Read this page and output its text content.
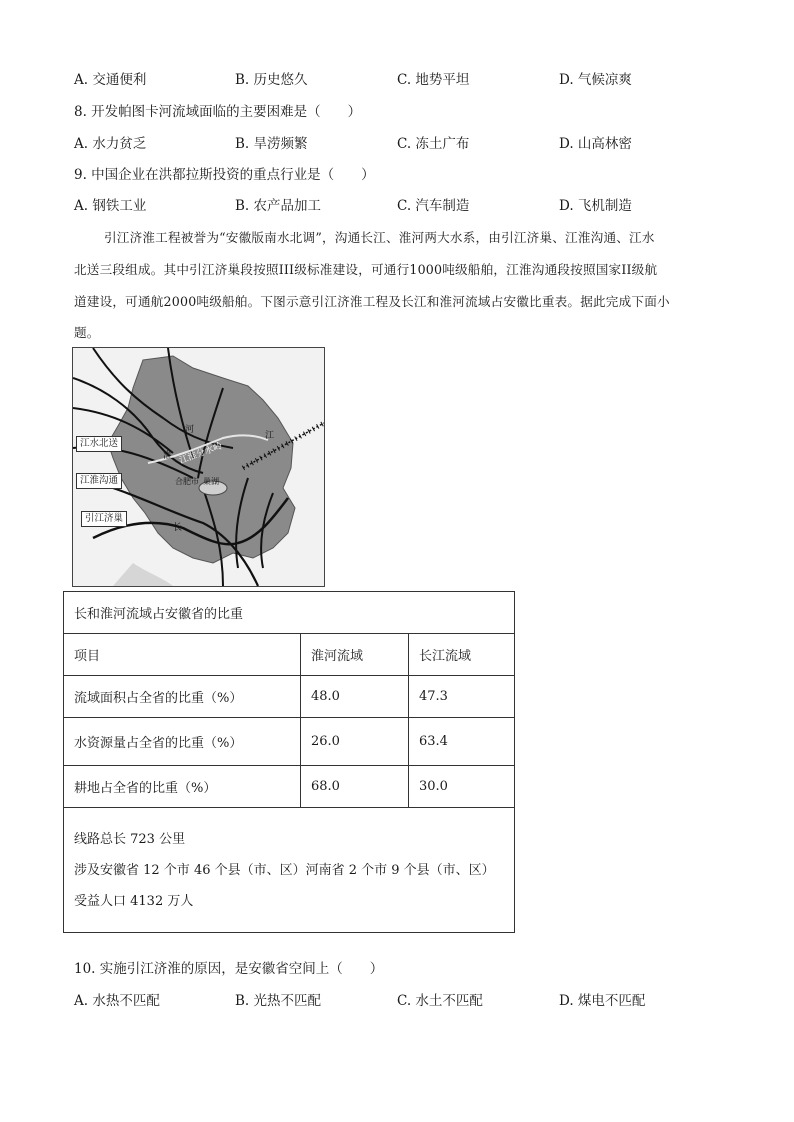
A. 交通便利	B. 历史悠久	C. 地势平坦	D. 气候凉爽
8. 开发帕图卡河流域面临的主要困难是（　　）
A. 水力贫乏	B. 旱涝频繁	C. 冻土广布	D. 山高林密
9. 中国企业在洪都拉斯投资的重点行业是（　　）
A. 钢铁工业	B. 农产品加工	C. 汽车制造	D. 飞机制造
引江济淮工程被誉为“安徽版南水北调”，沟通长江、淮河两大水系，由引江济巢、江淮沟通、江水
北送三段组成。其中引江济巢段按照III级标准建设，可通行1000吨级船舶，江淮沟通段按照国家II级航
道建设，可通航2000吨级船舶。下图示意引江济淮工程及长江和淮河流域占安徽比重表。据此完成下面小
题。
江水北送
江淮沟通
引江济巢
江淮分水岭
合肥市 巢湖
河
淮
长
江
长和淮河流域占安徽省的比重		
项目	淮河流域	长江流域
流域面积占全省的比重（%）	48.0	47.3
水资源量占全省的比重（%）	26.0	63.4
耕地占全省的比重（%）	68.0	30.0

线路总长 723 公里
涉及安徽省 12 个市 46 个县（市、区）河南省 2 个市 9 个县（市、区）
受益人口 4132 万人		
10. 实施引江济淮的原因，是安徽省空间上（　　）
A. 水热不匹配	B. 光热不匹配	C. 水土不匹配	D. 煤电不匹配
